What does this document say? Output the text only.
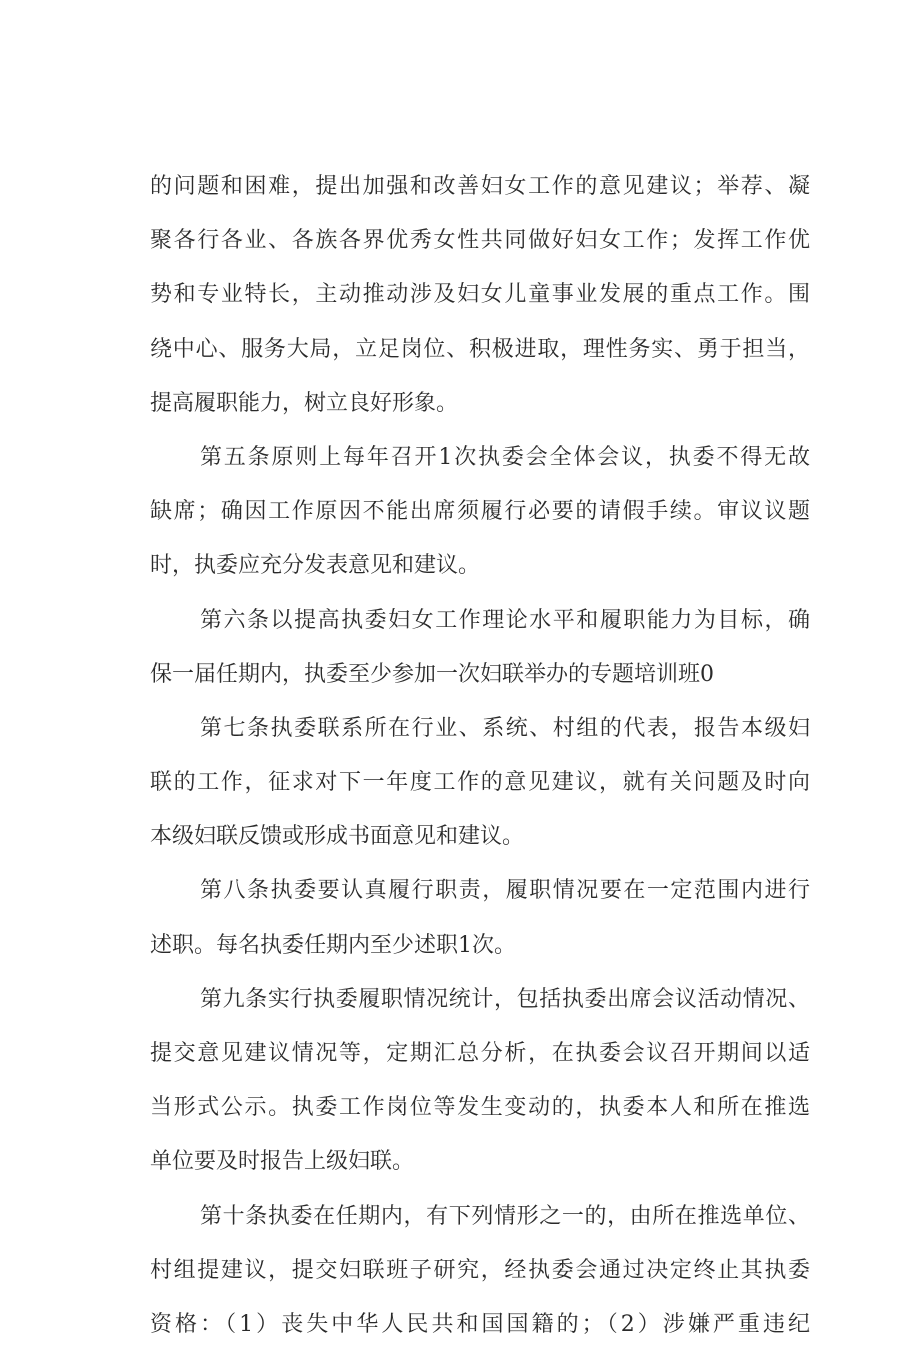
的问题和困难，提出加强和改善妇女工作的意见建议；举荐、凝
聚各行各业、各族各界优秀女性共同做好妇女工作；发挥工作优
势和专业特长，主动推动涉及妇女儿童事业发展的重点工作。围
绕中心、服务大局，立足岗位、积极进取，理性务实、勇于担当，
提高履职能力，树立良好形象。
第五条原则上每年召开1次执委会全体会议，执委不得无故
缺席；确因工作原因不能出席须履行必要的请假手续。审议议题
时，执委应充分发表意见和建议。
第六条以提高执委妇女工作理论水平和履职能力为目标，确
保一届任期内，执委至少参加一次妇联举办的专题培训班0
第七条执委联系所在行业、系统、村组的代表，报告本级妇
联的工作，征求对下一年度工作的意见建议，就有关问题及时向
本级妇联反馈或形成书面意见和建议。
第八条执委要认真履行职责，履职情况要在一定范围内进行
述职。每名执委任期内至少述职1次。
第九条实行执委履职情况统计，包括执委出席会议活动情况、
提交意见建议情况等，定期汇总分析，在执委会议召开期间以适
当形式公示。执委工作岗位等发生变动的，执委本人和所在推选
单位要及时报告上级妇联。
第十条执委在任期内，有下列情形之一的，由所在推选单位、
村组提建议，提交妇联班子研究，经执委会通过决定终止其执委
资格：（1）丧失中华人民共和国国籍的；（2）涉嫌严重违纪
